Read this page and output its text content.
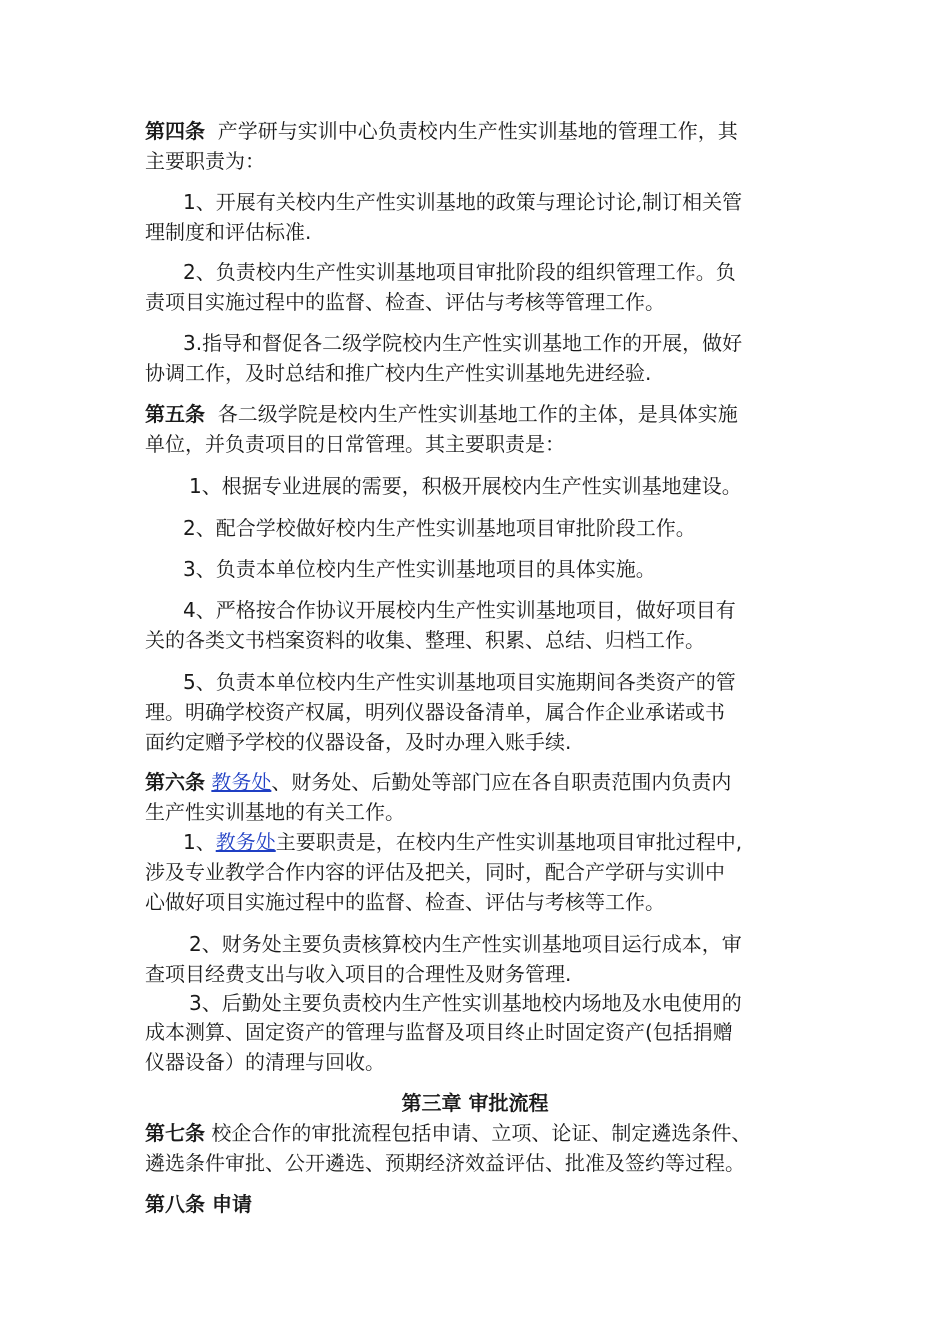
第四条 产学研与实训中心负责校内生产性实训基地的管理工作，其

主要职责为：

1、开展有关校内生产性实训基地的政策与理论讨论,制订相关管

理制度和评估标准.

2、负责校内生产性实训基地项目审批阶段的组织管理工作。负

责项目实施过程中的监督、检查、评估与考核等管理工作。

3.指导和督促各二级学院校内生产性实训基地工作的开展，做好

协调工作，及时总结和推广校内生产性实训基地先进经验.

第五条 各二级学院是校内生产性实训基地工作的主体，是具体实施

单位，并负责项目的日常管理。其主要职责是：

1、根据专业进展的需要，积极开展校内生产性实训基地建设。

2、配合学校做好校内生产性实训基地项目审批阶段工作。

3、负责本单位校内生产性实训基地项目的具体实施。

4、严格按合作协议开展校内生产性实训基地项目，做好项目有

关的各类文书档案资料的收集、整理、积累、总结、归档工作。

5、负责本单位校内生产性实训基地项目实施期间各类资产的管

理。明确学校资产权属，明列仪器设备清单，属合作企业承诺或书

面约定赠予学校的仪器设备，及时办理入账手续.

第六条 教务处、财务处、后勤处等部门应在各自职责范围内负责内

生产性实训基地的有关工作。

1、教务处主要职责是，在校内生产性实训基地项目审批过程中,

涉及专业教学合作内容的评估及把关，同时，配合产学研与实训中

心做好项目实施过程中的监督、检查、评估与考核等工作。

2、财务处主要负责核算校内生产性实训基地项目运行成本，审

查项目经费支出与收入项目的合理性及财务管理.

3、后勤处主要负责校内生产性实训基地校内场地及水电使用的

成本测算、固定资产的管理与监督及项目终止时固定资产(包括捐赠

仪器设备）的清理与回收。

第三章 审批流程

第七条 校企合作的审批流程包括申请、立项、论证、制定遴选条件、

遴选条件审批、公开遴选、预期经济效益评估、批准及签约等过程。

第八条 申请
